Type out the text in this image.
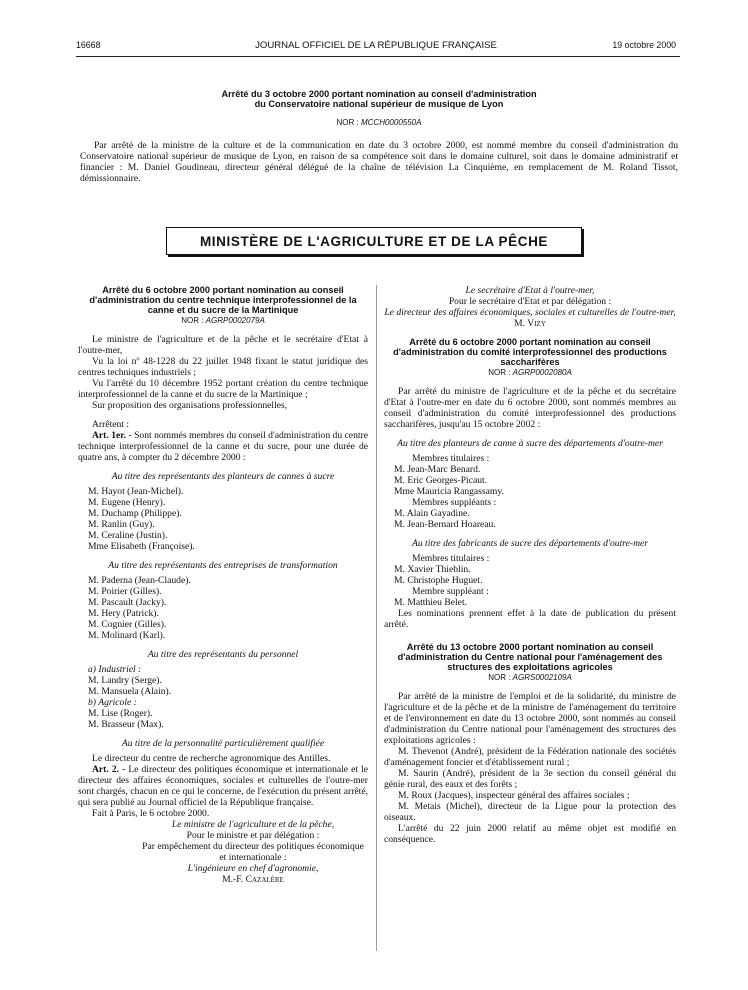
16668	JOURNAL OFFICIEL DE LA RÉPUBLIQUE FRANÇAISE	19 octobre 2000
Arrêté du 3 octobre 2000 portant nomination au conseil d'administration
du Conservatoire national supérieur de musique de Lyon
NOR : MCCH0000550A

Par arrêté de la ministre de la culture et de la communication en date du 3 octobre 2000, est nommé membre du conseil d'administration du Conservatoire national supérieur de musique de Lyon, en raison de sa compétence soit dans le domaine culturel, soit dans le domaine administratif et financier : M. Daniel Goudineau, directeur général délégué de la chaîne de télévision La Cinquième, en remplacement de M. Roland Tissot, démissionnaire.

MINISTÈRE DE L'AGRICULTURE ET DE LA PÊCHE
Arrêté du 6 octobre 2000 portant nomination au conseil d'administration du centre technique interprofessionnel de la canne et du sucre de la Martinique
NOR : AGRP0002079A

Le ministre de l'agriculture et de la pêche et le secrétaire d'Etat à l'outre-mer,

Vu la loi nº 48-1228 du 22 juillet 1948 fixant le statut juridique des centres techniques industriels ;

Vu l'arrêté du 10 décembre 1952 portant création du centre technique interprofessionnel de la canne et du sucre de la Martinique ;

Sur proposition des organisations professionnelles,

Arrêtent :

Art. 1er. - Sont nommés membres du conseil d'administration du centre technique interprofessionnel de la canne et du sucre, pour une durée de quatre ans, à compter du 2 décembre 2000 :

Au titre des représentants des planteurs de cannes à sucre
M. Hayot (Jean-Michel).
M. Eugene (Henry).
M. Duchamp (Philippe).
M. Ranlin (Guy).
M. Ceraline (Justin).
Mme Elisabeth (Françoise).
Au titre des représentants des entreprises de transformation
M. Paderna (Jean-Claude).
M. Poirier (Gilles).
M. Pascault (Jacky).
M. Hery (Patrick).
M. Cognier (Gilles).
M. Molinard (Karl).
Au titre des représentants du personnel
a) Industriel :
M. Landry (Serge).
M. Mansuela (Alain).
b) Agricole :
M. Lise (Roger).
M. Brasseur (Max).
Au titre de la personnalité particulièrement qualifiée

Le directeur du centre de recherche agronomique des Antilles.

Art. 2. - Le directeur des politiques économique et internationale et le directeur des affaires économiques, sociales et culturelles de l'outre-mer sont chargés, chacun en ce qui le concerne, de l'exécution du présent arrêté, qui sera publié au Journal officiel de la République française.

Fait à Paris, le 6 octobre 2000.

Le ministre de l'agriculture et de la pêche,
Pour le ministre et par délégation :
Par empêchement du directeur des politiques économique et internationale :
L'ingénieure en chef d'agronomie,
M.-F. Cazalère
Le secrétaire d'Etat à l'outre-mer,
Pour le secrétaire d'Etat et par délégation :
Le directeur des affaires économiques, sociales et culturelles de l'outre-mer,
M. Vizy
Arrêté du 6 octobre 2000 portant nomination au conseil d'administration du comité interprofessionnel des productions saccharifères
NOR : AGRP0002080A

Par arrêté du ministre de l'agriculture et de la pêche et du secrétaire d'Etat à l'outre-mer en date du 6 octobre 2000, sont nommés membres au conseil d'administration du comité interprofessionnel des productions saccharifères, jusqu'au 15 octobre 2002 :

Au titre des planteurs de canne à sucre des départements d'outre-mer
Membres titulaires :
M. Jean-Marc Benard.
M. Eric Georges-Picaut.
Mme Mauricia Rangassamy.
Membres suppléants :
M. Alain Gayadine.
M. Jean-Bernard Hoareau.
Au titre des fabricants de sucre des départements d'outre-mer
Membres titulaires :
M. Xavier Thieblin.
M. Christophe Huguet.
Membre suppléant :
M. Matthieu Belet.

Les nominations prennent effet à la date de publication du présent arrêté.

Arrêté du 13 octobre 2000 portant nomination au conseil d'administration du Centre national pour l'aménagement des structures des exploitations agricoles
NOR : AGRS0002109A

Par arrêté de la ministre de l'emploi et de la solidarité, du ministre de l'agriculture et de la pêche et de la ministre de l'aménagement du territoire et de l'environnement en date du 13 octobre 2000, sont nommés au conseil d'administration du Centre national pour l'aménagement des structures des exploitations agricoles :

M. Thevenot (André), président de la Fédération nationale des sociétés d'aménagement foncier et d'établissement rural ;

M. Saurin (André), président de la 3e section du conseil général du génie rural, des eaux et des forêts ;

M. Roux (Jacques), inspecteur général des affaires sociales ;

M. Metais (Michel), directeur de la Ligue pour la protection des oiseaux.

L'arrêté du 22 juin 2000 relatif au même objet est modifié en conséquence.
